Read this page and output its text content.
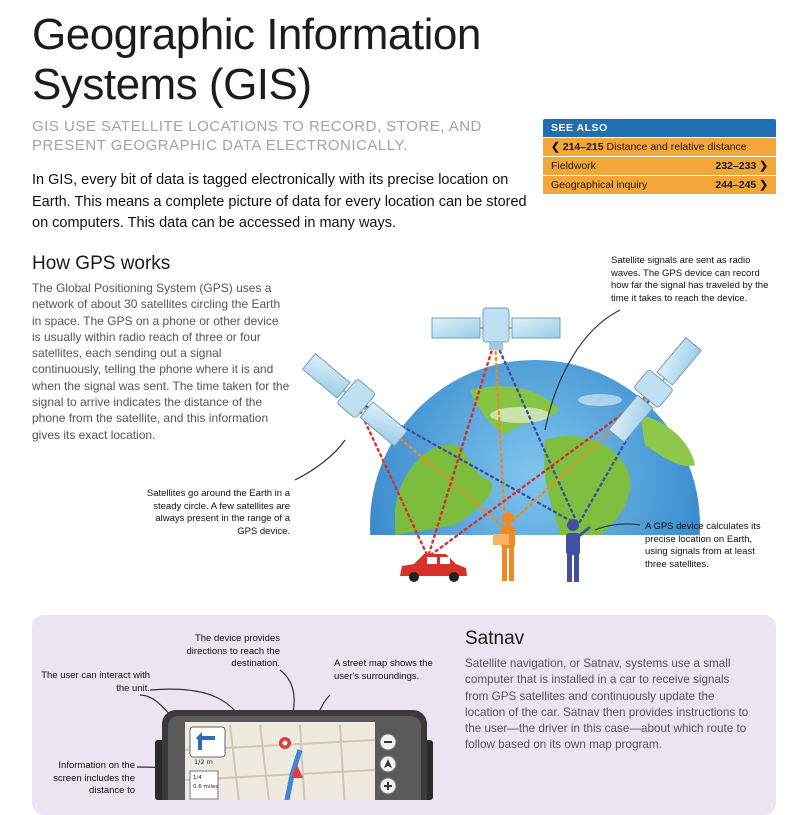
Geographic Information
Systems (GIS)
GIS USE SATELLITE LOCATIONS TO RECORD, STORE, AND PRESENT GEOGRAPHIC DATA ELECTRONICALLY.
In GIS, every bit of data is tagged electronically with its precise location on Earth. This means a complete picture of data for every location can be stored on computers. This data can be accessed in many ways.
SEE ALSO
❮ 214–215 Distance and relative distance
Fieldwork	232–233 ❯
Geographical inquiry	244–245 ❯
How GPS works
The Global Positioning System (GPS) uses a network of about 30 satellites circling the Earth in space. The GPS on a phone or other device is usually within radio reach of three or four satellites, each sending out a signal continuously, telling the phone where it is and when the signal was sent. The time taken for the signal to arrive indicates the distance of the phone from the satellite, and this information gives its exact location.
Satellite signals are sent as radio waves. The GPS device can record how far the signal has traveled by the time it takes to reach the device.
Satellites go around the Earth in a steady circle. A few satellites are always present in the range of a GPS device.	A GPS device calculates its precise location on Earth, using signals from at least three satellites.
Satnav
Satellite navigation, or Satnav, systems use a small computer that is installed in a car to receive signals from GPS satellites and continuously update the location of the car. Satnav then provides instructions to the user—the driver in this case—about which route to follow based on its own map program.
The device provides directions to reach the destination.	A street map shows the user's surroundings.
The user can interact with the unit.
Information on the screen includes the distance to
1/2 m
1/4
0.6 miles
